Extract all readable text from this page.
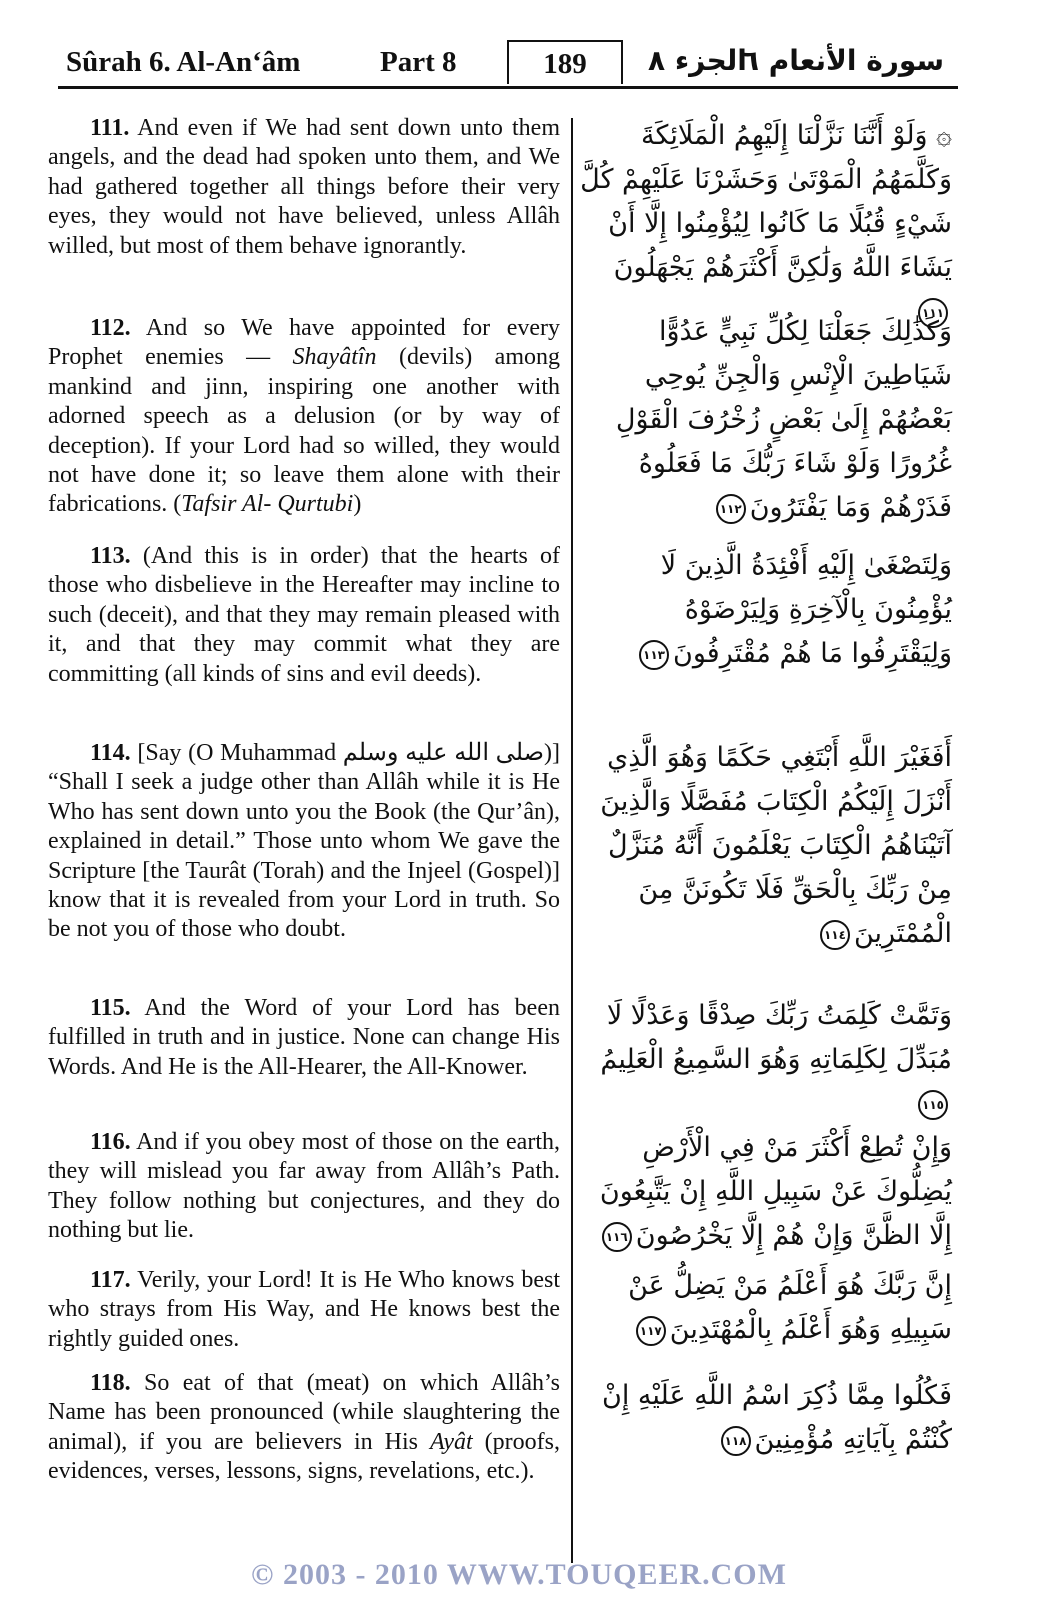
Sûrah 6. Al-An‘âm	Part 8	189	الجزء ٨
سورة الأنعام ٦

111. And even if We had sent down unto them angels, and the dead had spoken unto them, and We had gathered together all things before their very eyes, they would not have believed, unless Allâh willed, but most of them behave ignorantly.

112. And so We have appointed for every Prophet enemies — Shayâtîn (devils) among mankind and jinn, inspiring one another with adorned speech as a delusion (or by way of deception). If your Lord had so willed, they would not have done it; so leave them alone with their fabrications. (Tafsir Al- Qurtubi)

113. (And this is in order) that the hearts of those who disbelieve in the Hereafter may incline to such (deceit), and that they may remain pleased with it, and that they may commit what they are committing (all kinds of sins and evil deeds).

114. [Say (O Muhammad صلى الله عليه وسلم)] “Shall I seek a judge other than Allâh while it is He Who has sent down unto you the Book (the Qur’ân), explained in detail.” Those unto whom We gave the Scripture [the Taurât (Torah) and the Injeel (Gospel)] know that it is revealed from your Lord in truth. So be not you of those who doubt.

115. And the Word of your Lord has been fulfilled in truth and in justice. None can change His Words. And He is the All-Hearer, the All-Knower.

116. And if you obey most of those on the earth, they will mislead you far away from Allâh’s Path. They follow nothing but conjectures, and they do nothing but lie.

117. Verily, your Lord! It is He Who knows best who strays from His Way, and He knows best the rightly guided ones.

118. So eat of that (meat) on which Allâh’s Name has been pronounced (while slaughtering the animal), if you are believers in His Ayât (proofs, evidences, verses, lessons, signs, revelations, etc.).

۞ وَلَوْ أَنَّنَا نَزَّلْنَا إِلَيْهِمُ الْمَلَائِكَةَ وَكَلَّمَهُمُ الْمَوْتَىٰ وَحَشَرْنَا عَلَيْهِمْ كُلَّ شَيْءٍ قُبُلًا مَا كَانُوا لِيُؤْمِنُوا إِلَّا أَنْ يَشَاءَ اللَّهُ وَلَٰكِنَّ أَكْثَرَهُمْ يَجْهَلُونَ١١١

وَكَذَٰلِكَ جَعَلْنَا لِكُلِّ نَبِيٍّ عَدُوًّا شَيَاطِينَ الْإِنْسِ وَالْجِنِّ يُوحِي بَعْضُهُمْ إِلَىٰ بَعْضٍ زُخْرُفَ الْقَوْلِ غُرُورًا وَلَوْ شَاءَ رَبُّكَ مَا فَعَلُوهُ فَذَرْهُمْ وَمَا يَفْتَرُونَ١١٢

وَلِتَصْغَىٰ إِلَيْهِ أَفْئِدَةُ الَّذِينَ لَا يُؤْمِنُونَ بِالْآخِرَةِ وَلِيَرْضَوْهُ وَلِيَقْتَرِفُوا مَا هُمْ مُقْتَرِفُونَ١١٣

أَفَغَيْرَ اللَّهِ أَبْتَغِي حَكَمًا وَهُوَ الَّذِي أَنْزَلَ إِلَيْكُمُ الْكِتَابَ مُفَصَّلًا وَالَّذِينَ آتَيْنَاهُمُ الْكِتَابَ يَعْلَمُونَ أَنَّهُ مُنَزَّلٌ مِنْ رَبِّكَ بِالْحَقِّ فَلَا تَكُونَنَّ مِنَ الْمُمْتَرِينَ١١٤

وَتَمَّتْ كَلِمَتُ رَبِّكَ صِدْقًا وَعَدْلًا لَا مُبَدِّلَ لِكَلِمَاتِهِ وَهُوَ السَّمِيعُ الْعَلِيمُ١١٥

وَإِنْ تُطِعْ أَكْثَرَ مَنْ فِي الْأَرْضِ يُضِلُّوكَ عَنْ سَبِيلِ اللَّهِ إِنْ يَتَّبِعُونَ إِلَّا الظَّنَّ وَإِنْ هُمْ إِلَّا يَخْرُصُونَ١١٦

إِنَّ رَبَّكَ هُوَ أَعْلَمُ مَنْ يَضِلُّ عَنْ سَبِيلِهِ وَهُوَ أَعْلَمُ بِالْمُهْتَدِينَ١١٧

فَكُلُوا مِمَّا ذُكِرَ اسْمُ اللَّهِ عَلَيْهِ إِنْ كُنْتُمْ بِآيَاتِهِ مُؤْمِنِينَ١١٨

© 2003 - 2010 WWW.TOUQEER.COM
